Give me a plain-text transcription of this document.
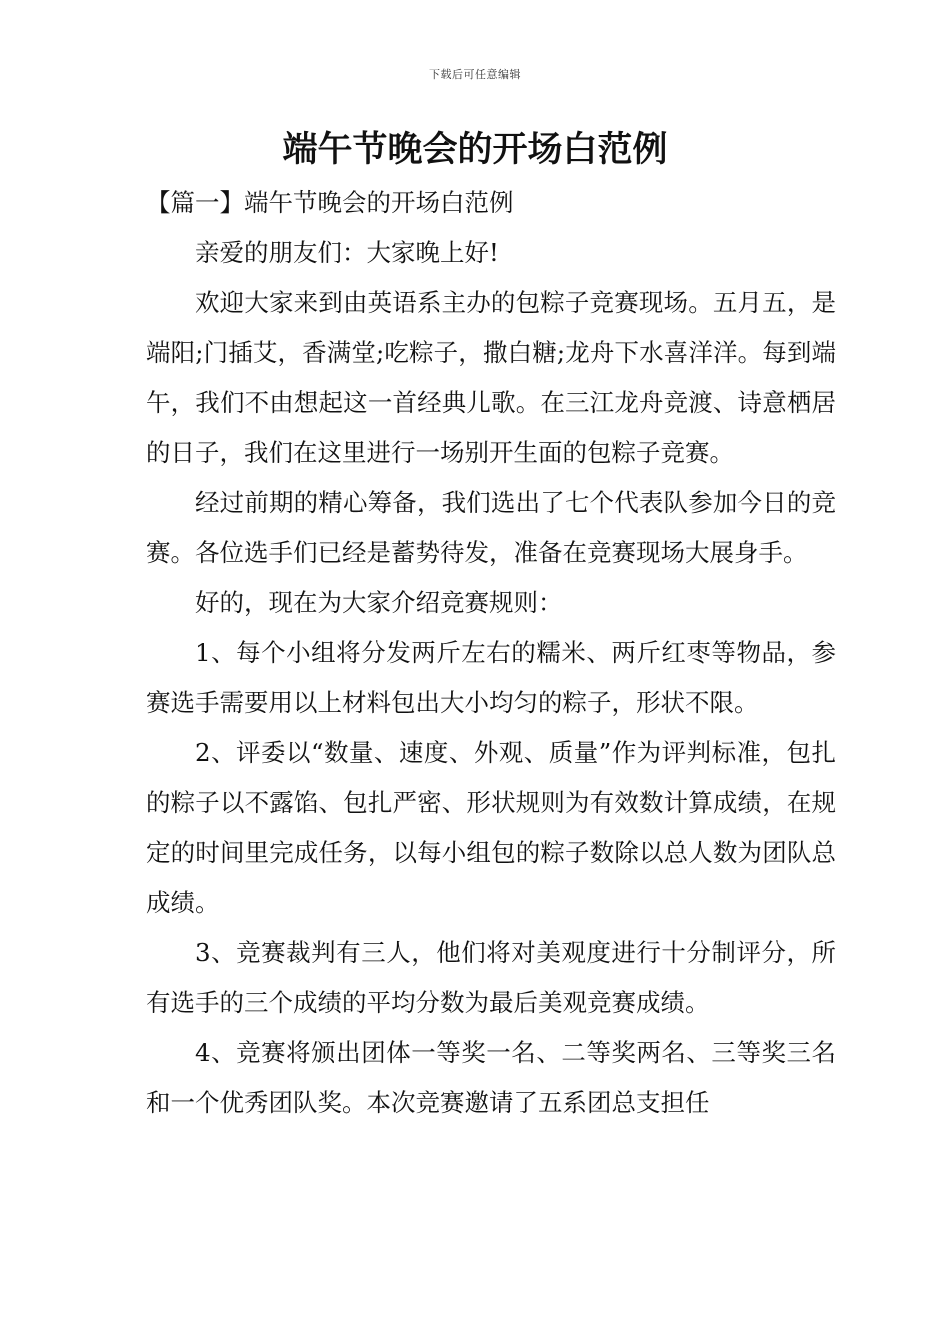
下载后可任意编辑
端午节晚会的开场白范例

【篇一】端午节晚会的开场白范例

亲爱的朋友们：大家晚上好!

欢迎大家来到由英语系主办的包粽子竞赛现场。五月五，是端阳;门插艾，香满堂;吃粽子，撒白糖;龙舟下水喜洋洋。每到端午，我们不由想起这一首经典儿歌。在三江龙舟竞渡、诗意栖居的日子，我们在这里进行一场别开生面的包粽子竞赛。

经过前期的精心筹备，我们选出了七个代表队参加今日的竞赛。各位选手们已经是蓄势待发，准备在竞赛现场大展身手。

好的，现在为大家介绍竞赛规则：

1、每个小组将分发两斤左右的糯米、两斤红枣等物品，参赛选手需要用以上材料包出大小均匀的粽子，形状不限。

2、评委以“数量、速度、外观、质量”作为评判标准，包扎的粽子以不露馅、包扎严密、形状规则为有效数计算成绩，在规定的时间里完成任务，以每小组包的粽子数除以总人数为团队总成绩。

3、竞赛裁判有三人，他们将对美观度进行十分制评分，所有选手的三个成绩的平均分数为最后美观竞赛成绩。

4、竞赛将颁出团体一等奖一名、二等奖两名、三等奖三名和一个优秀团队奖。本次竞赛邀请了五系团总支担任
